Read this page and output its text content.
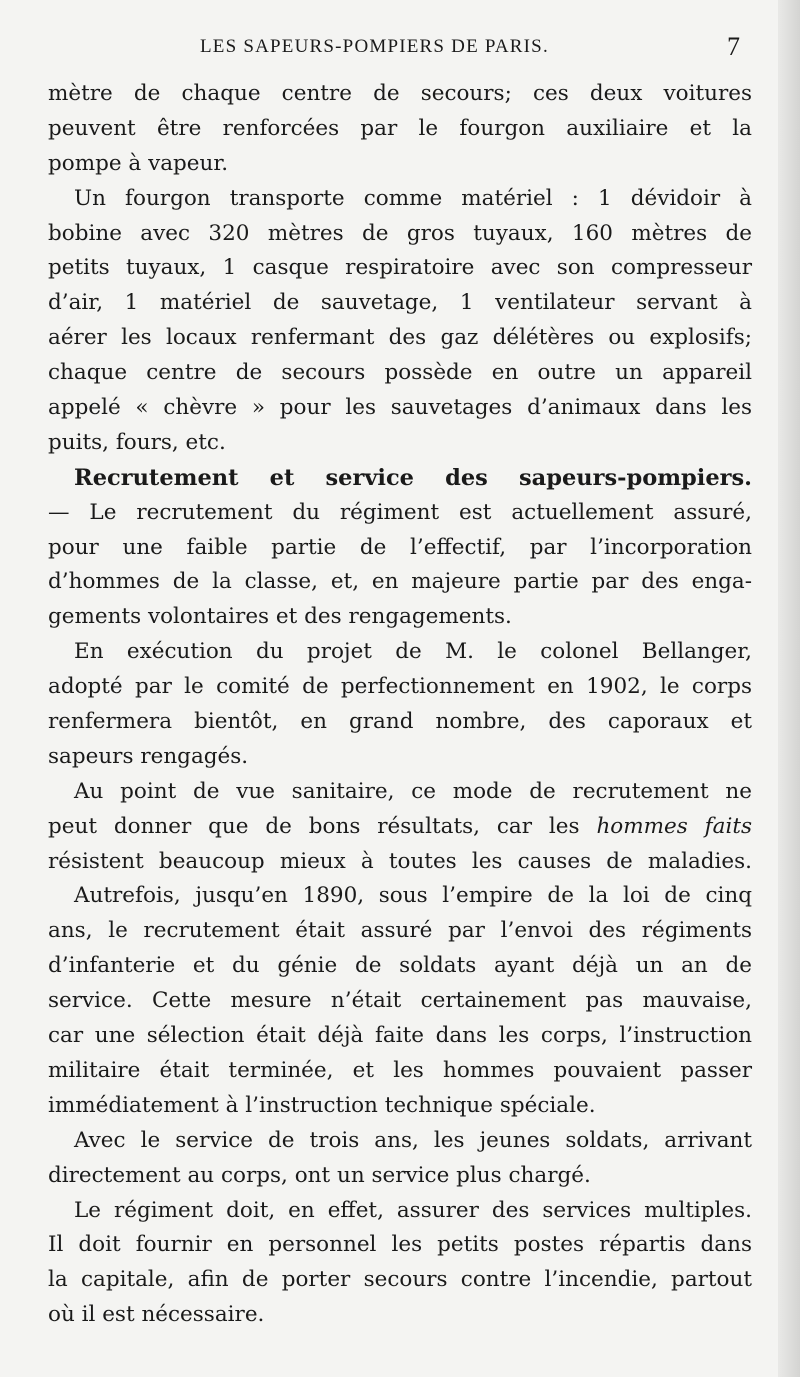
LES SAPEURS-POMPIERS DE PARIS.	7
mètre de chaque centre de secours; ces deux voitures
peuvent être renforcées par le fourgon auxiliaire et la
pompe à vapeur.
Un fourgon transporte comme matériel : 1 dévidoir à
bobine avec 320 mètres de gros tuyaux, 160 mètres de
petits tuyaux, 1 casque respiratoire avec son compresseur
d’air, 1 matériel de sauvetage, 1 ventilateur servant à
aérer les locaux renfermant des gaz délétères ou explosifs;
chaque centre de secours possède en outre un appareil
appelé « chèvre » pour les sauvetages d’animaux dans les
puits, fours, etc.
Recrutement et service des sapeurs-pompiers.
— Le recrutement du régiment est actuellement assuré,
pour une faible partie de l’effectif, par l’incorporation
d’hommes de la classe, et, en majeure partie par des enga-
gements volontaires et des rengagements.
En exécution du projet de M. le colonel Bellanger,
adopté par le comité de perfectionnement en 1902, le corps
renfermera bientôt, en grand nombre, des caporaux et
sapeurs rengagés.
Au point de vue sanitaire, ce mode de recrutement ne
peut donner que de bons résultats, car les hommes faits
résistent beaucoup mieux à toutes les causes de maladies.
Autrefois, jusqu’en 1890, sous l’empire de la loi de cinq
ans, le recrutement était assuré par l’envoi des régiments
d’infanterie et du génie de soldats ayant déjà un an de
service. Cette mesure n’était certainement pas mauvaise,
car une sélection était déjà faite dans les corps, l’instruction
militaire était terminée, et les hommes pouvaient passer
immédiatement à l’instruction technique spéciale.
Avec le service de trois ans, les jeunes soldats, arrivant
directement au corps, ont un service plus chargé.
Le régiment doit, en effet, assurer des services multiples.
Il doit fournir en personnel les petits postes répartis dans
la capitale, afin de porter secours contre l’incendie, partout
où il est nécessaire.
